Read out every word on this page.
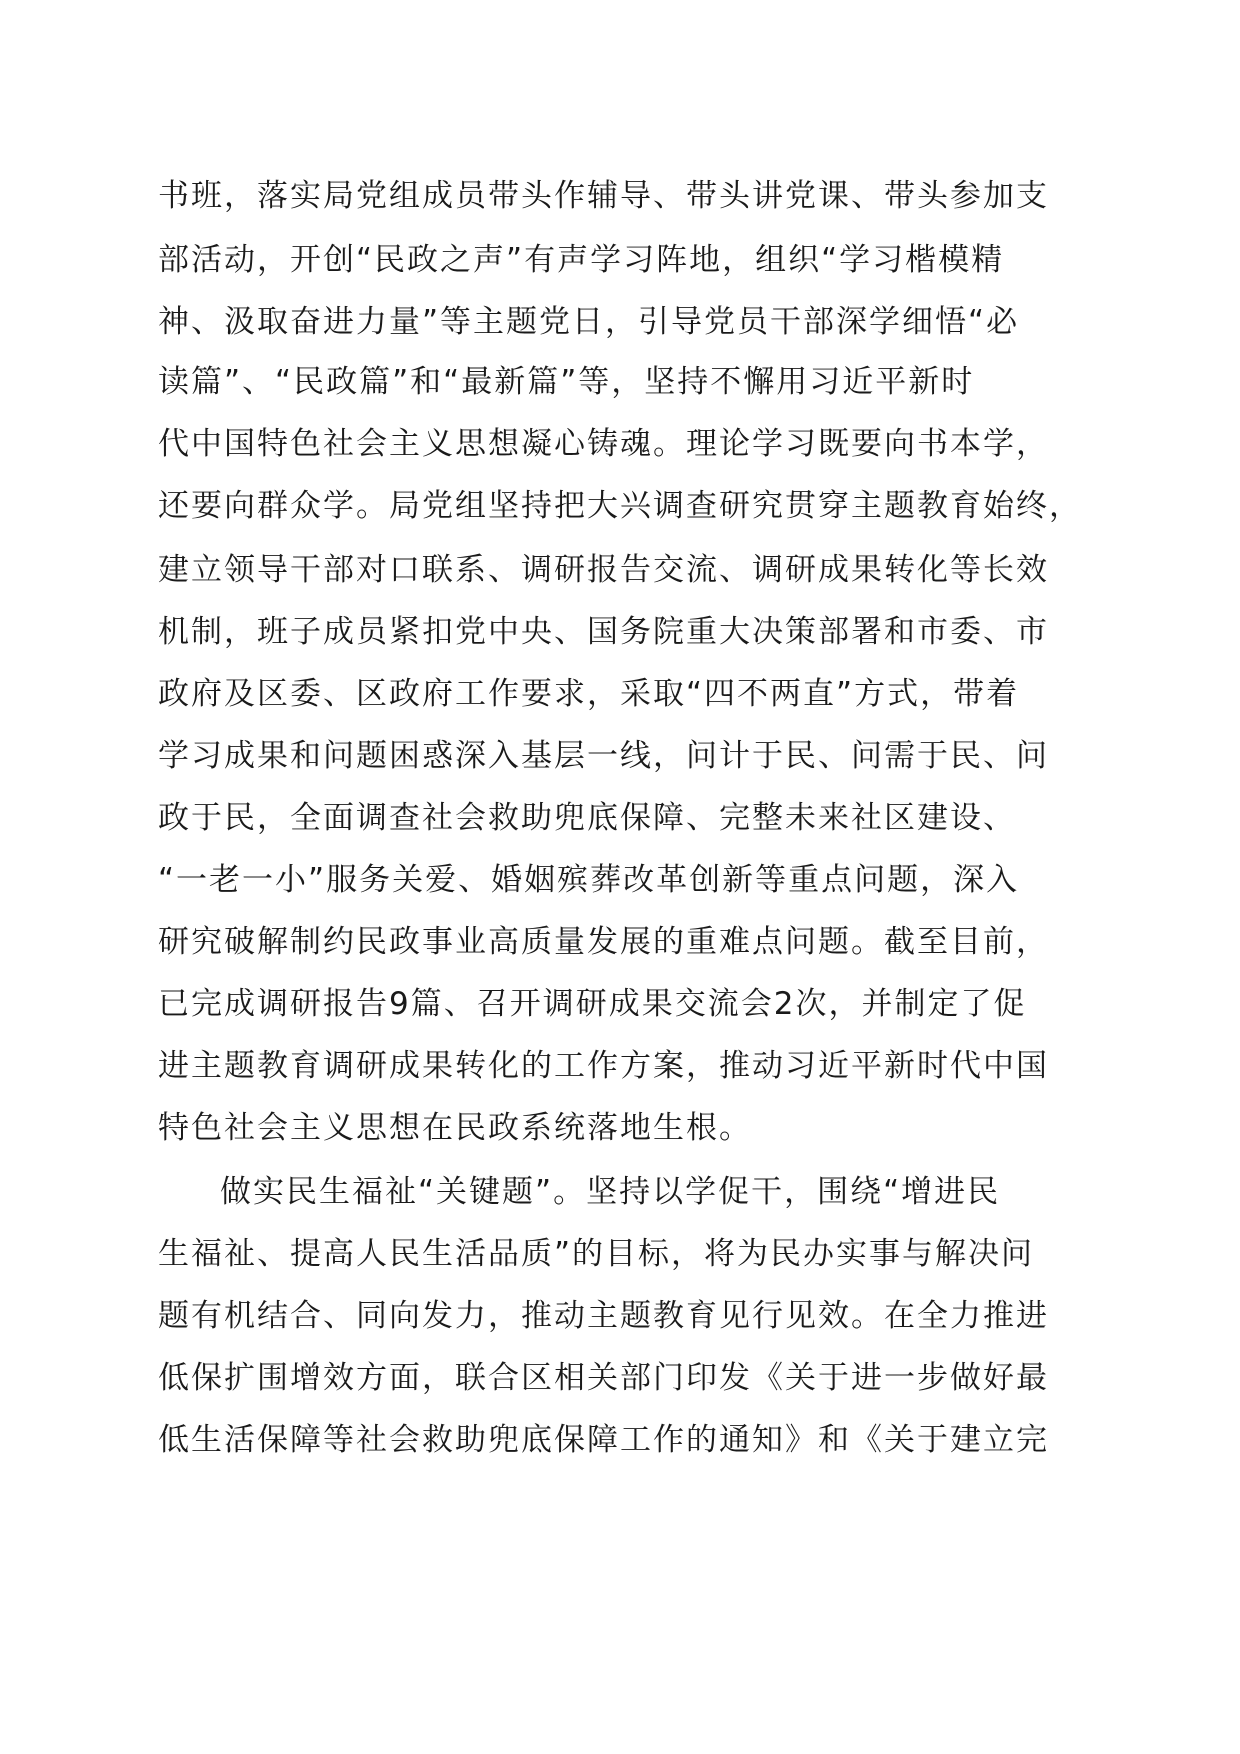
书班，落实局党组成员带头作辅导、带头讲党课、带头参加支
部活动，开创“民政之声”有声学习阵地，组织“学习楷模精
神、汲取奋进力量”等主题党日，引导党员干部深学细悟“必
读篇”、“民政篇”和“最新篇”等，坚持不懈用习近平新时
代中国特色社会主义思想凝心铸魂。理论学习既要向书本学，
还要向群众学。局党组坚持把大兴调查研究贯穿主题教育始终，
建立领导干部对口联系、调研报告交流、调研成果转化等长效
机制，班子成员紧扣党中央、国务院重大决策部署和市委、市
政府及区委、区政府工作要求，采取“四不两直”方式，带着
学习成果和问题困惑深入基层一线，问计于民、问需于民、问
政于民，全面调查社会救助兜底保障、完整未来社区建设、
“一老一小”服务关爱、婚姻殡葬改革创新等重点问题，深入
研究破解制约民政事业高质量发展的重难点问题。截至目前，
已完成调研报告9篇、召开调研成果交流会2次，并制定了促
进主题教育调研成果转化的工作方案，推动习近平新时代中国
特色社会主义思想在民政系统落地生根。
做实民生福祉“关键题”。坚持以学促干，围绕“增进民
生福祉、提高人民生活品质”的目标，将为民办实事与解决问
题有机结合、同向发力，推动主题教育见行见效。在全力推进
低保扩围增效方面，联合区相关部门印发《关于进一步做好最
低生活保障等社会救助兜底保障工作的通知》和《关于建立完
